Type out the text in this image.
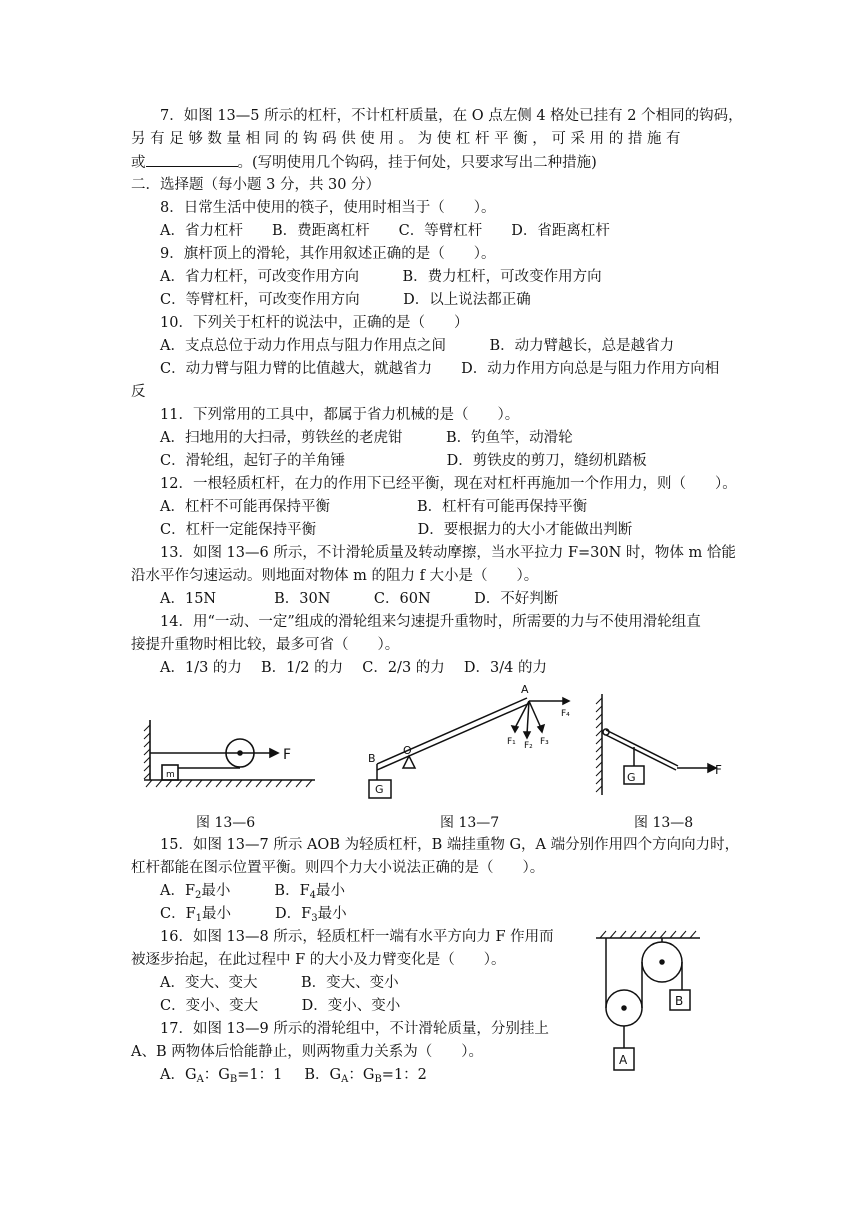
7．如图 13—5 所示的杠杆，不计杠杆质量，在 O 点左侧 4 格处已挂有 2 个相同的钩码，
另 有 足 够 数 量 相 同 的 钩 码 供 使 用 。 为 使 杠 杆 平 衡 ， 可 采 用 的 措 施 有
或	。(写明使用几个钩码，挂于何处，只要求写出二种措施)
二．选择题（每小题 3 分，共 30 分）
8．日常生活中使用的筷子，使用时相当于（　　）。
A．省力杠杆　　B．费距离杠杆　　C．等臂杠杆　　D．省距离杠杆
9．旗杆顶上的滑轮，其作用叙述正确的是（　　）。
A．省力杠杆，可改变作用方向　　　B．费力杠杆，可改变作用方向
C．等臂杠杆，可改变作用方向　　　D．以上说法都正确
10．下列关于杠杆的说法中，正确的是（　　）
A．支点总位于动力作用点与阻力作用点之间　　　B．动力臂越长，总是越省力
C．动力臂与阻力臂的比值越大，就越省力　　D．动力作用方向总是与阻力作用方向相
反
11．下列常用的工具中，都属于省力机械的是（　　）。
A．扫地用的大扫帚，剪铁丝的老虎钳　　　B．钓鱼竿，动滑轮
C．滑轮组，起钉子的羊角锤　　　　　　　D．剪铁皮的剪刀，缝纫机踏板
12．一根轻质杠杆，在力的作用下已经平衡，现在对杠杆再施加一个作用力，则（　　）。
A．杠杆不可能再保持平衡　　　　　　B．杠杆有可能再保持平衡
C．杠杆一定能保持平衡　　　　　　　D．要根据力的大小才能做出判断
13．如图 13—6 所示，不计滑轮质量及转动摩擦，当水平拉力 F=30N 时，物体 m 恰能
沿水平作匀速运动。则地面对物体 m 的阻力 f 大小是（　　）。
A．15N　　　　B．30N　　　C．60N　　　D．不好判断
14．用“一动、一定”组成的滑轮组来匀速提升重物时，所需要的力与不使用滑轮组直
接提升重物时相比较，最多可省（　　）。
A．1/3 的力　 B．1/2 的力　 C．2/3 的力　 D．3/4 的力
m
F
图 13—6
A
B
O
G
F₁ F₂ F₃
F₄
图 13—7
G
F
图 13—8
15．如图 13—7 所示 AOB 为轻质杠杆，B 端挂重物 G，A 端分别作用四个方向向力时，
杠杆都能在图示位置平衡。则四个力大小说法正确的是（　　）。
A．$F_2$最小	B．$F_4$最小
C．$F_1$最小	D．$F_3$最小
16．如图 13—8 所示，轻质杠杆一端有水平方向力 F 作用而
被逐步抬起，在此过程中 F 的大小及力臂变化是（　　）。
A．变大、变大　　　B．变大、变小
C．变小、变大　　　D．变小、变小
17．如图 13—9 所示的滑轮组中，不计滑轮质量，分别挂上
A、B 两物体后恰能静止，则两物重力关系为（　　）。
A．$G_A$：$G_B=1$：1 B．$G_A$：$G_B=1$：2
B
A
